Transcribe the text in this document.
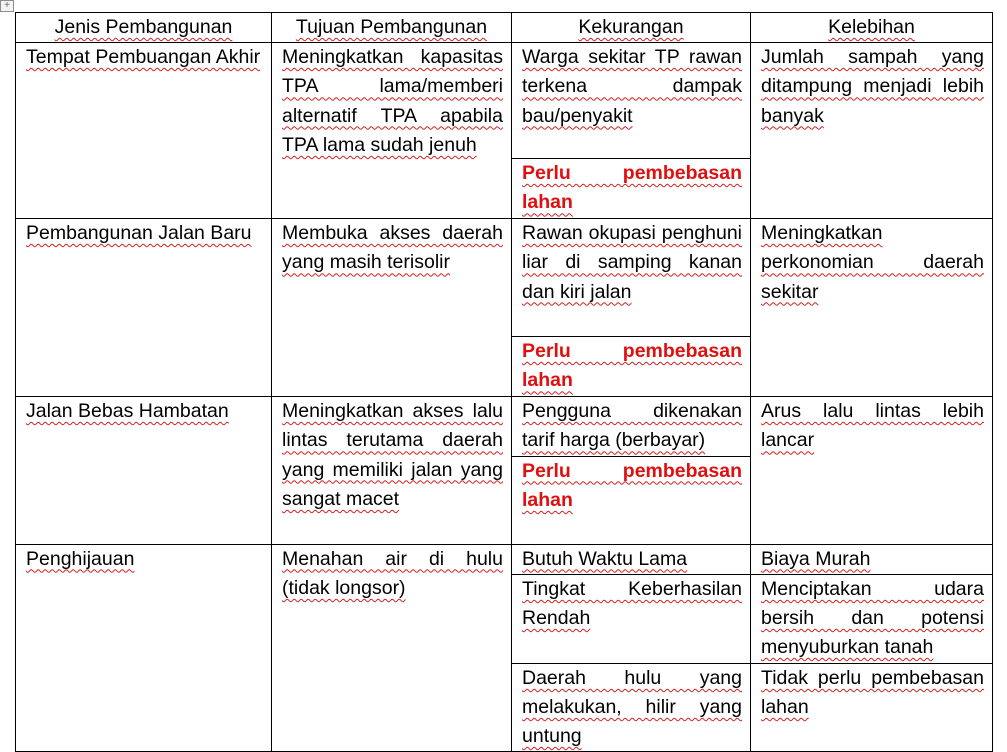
+
Jenis Pembangunan	Tujuan Pembangunan	Kekurangan	Kelebihan
Tempat Pembuangan Akhir	Meningkatkan kapasitas TPA lama/memberi alternatif TPA apabila TPA lama sudah jenuh	Warga sekitar TP rawan terkena dampak bau/penyakit	Jumlah sampah yang ditampung menjadi lebih banyak
		Perlu pembebasan lahan	
Pembangunan Jalan Baru	Membuka akses daerah yang masih terisolir	Rawan okupasi penghuni liar di samping kanan dan kiri jalan	Meningkatkan perkonomian daerah sekitar
		Perlu pembebasan lahan	
Jalan Bebas Hambatan	Meningkatkan akses lalu lintas terutama daerah yang memiliki jalan yang sangat macet	Pengguna dikenakan tarif harga (berbayar)	Arus lalu lintas lebih lancar
		Perlu pembebasan lahan	
Penghijauan	Menahan air di hulu (tidak longsor)	Butuh Waktu Lama	Biaya Murah
		Tingkat Keberhasilan Rendah	Menciptakan udara bersih dan potensi menyuburkan tanah
		Daerah hulu yang melakukan, hilir yang untung	Tidak perlu pembebasan lahan
